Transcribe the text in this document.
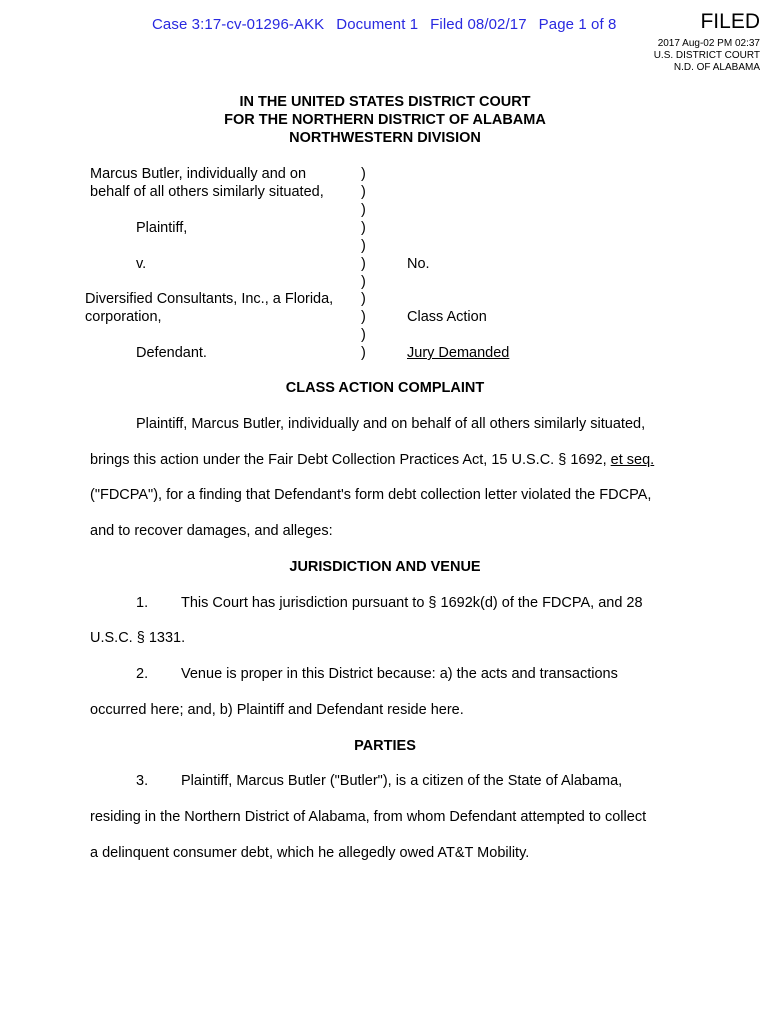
Case 3:17-cv-01296-AKK Document 1 Filed 08/02/17 Page 1 of 8	FILED
2017 Aug-02 PM 02:37
U.S. DISTRICT COURT
N.D. OF ALABAMA
IN THE UNITED STATES DISTRICT COURT
FOR THE NORTHERN DISTRICT OF ALABAMA
NORTHWESTERN DIVISION
Marcus Butler, individually and on
behalf of all others similarly situated,
Plaintiff,
v.
Diversified Consultants, Inc., a Florida,
corporation,
Defendant.
)
)
)
)
)
)
)
)
)
)
)
No.
Class Action
Jury Demanded
CLASS ACTION COMPLAINT
Plaintiff, Marcus Butler, individually and on behalf of all others similarly situated,
brings this action under the Fair Debt Collection Practices Act, 15 U.S.C. § 1692, et seq.
("FDCPA"), for a finding that Defendant's form debt collection letter violated the FDCPA,
and to recover damages, and alleges:
JURISDICTION AND VENUE
1. This Court has jurisdiction pursuant to § 1692k(d) of the FDCPA, and 28
U.S.C. § 1331.
2. Venue is proper in this District because: a) the acts and transactions
occurred here; and, b) Plaintiff and Defendant reside here.
PARTIES
3. Plaintiff, Marcus Butler ("Butler"), is a citizen of the State of Alabama,
residing in the Northern District of Alabama, from whom Defendant attempted to collect
a delinquent consumer debt, which he allegedly owed AT&T Mobility.
